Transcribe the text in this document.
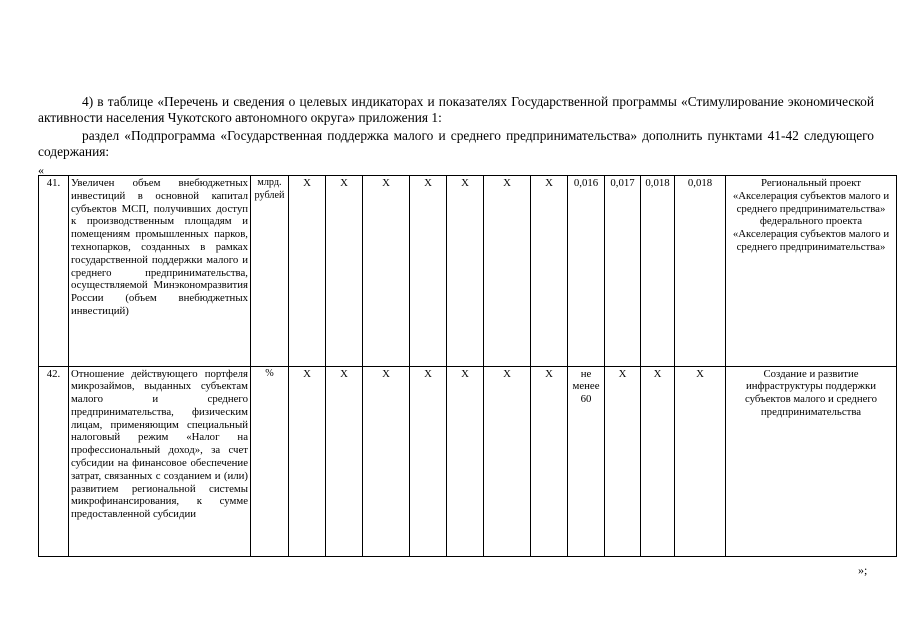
4) в таблице «Перечень и сведения о целевых индикаторах и показателях Государственной программы «Стимулирование экономической активности населения Чукотского автономного округа» приложения 1:
раздел «Подпрограмма «Государственная поддержка малого и среднего предпринимательства» дополнить пунктами 41-42 следующего содержания:
«
41.	Увеличен объем внебюджетных инвестиций в основной капитал субъектов МСП, получивших доступ к производственным площадям и помещениям промышленных парков, технопарков, созданных в рамках государственной поддержки малого и среднего предпринимательства, осуществляемой Минэкономразвития России (объем внебюджетных инвестиций)	млрд. рублей	X	X	X	X	X	X	X	0,016	0,017	0,018	0,018	Региональный проект «Акселерация субъектов малого и среднего предпринимательства» федерального проекта «Акселерация субъектов малого и среднего предпринимательства»
42.	Отношение действующего портфеля микрозаймов, выданных субъектам малого и среднего предпринимательства, физическим лицам, применяющим специальный налоговый режим «Налог на профессиональный доход», за счет субсидии на финансовое обеспечение затрат, связанных с созданием и (или) развитием региональной системы микрофинансирования, к сумме предоставленной субсидии	%	X	X	X	X	X	X	X	не менее 60	X	X	X	Создание и развитие инфраструктуры поддержки субъектов малого и среднего предпринимательства
»;
